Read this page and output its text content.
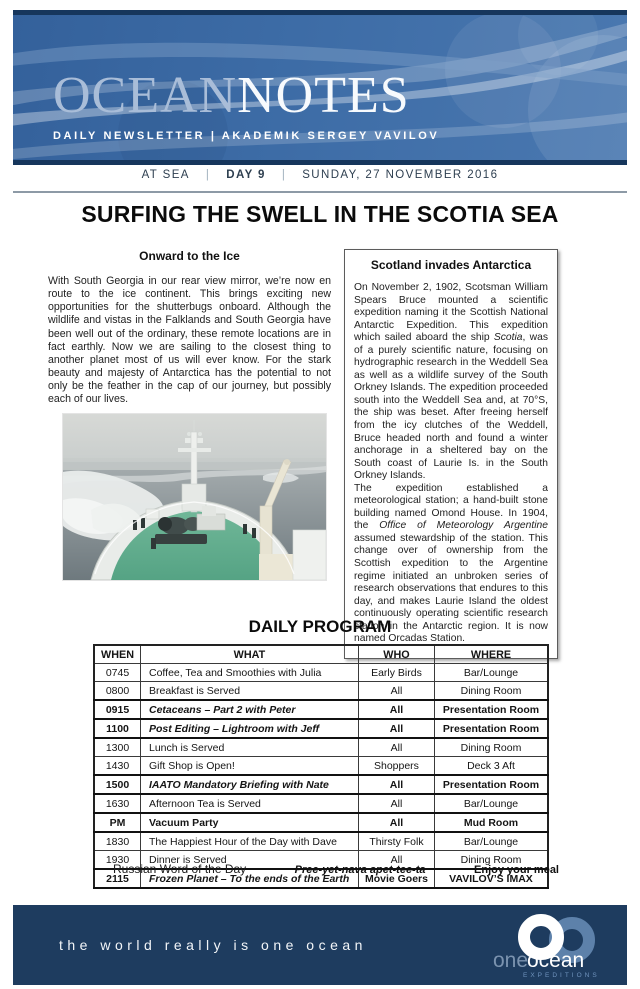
OCEANNOTES
DAILY NEWSLETTER | AKADEMIK SERGEY VAVILOV
AT SEA | DAY 9 | SUNDAY, 27 NOVEMBER 2016
SURFING THE SWELL IN THE SCOTIA SEA
Onward to the Ice

With South Georgia in our rear view mirror, we’re now en route to the ice continent. This brings exciting new opportunities for the shutterbugs onboard. Although the wildlife and vistas in the Falklands and South Georgia have been well out of the ordinary, these remote locations are in fact earthly. Now we are sailing to the closest thing to another planet most of us will ever know. For the stark beauty and majesty of Antarctica has the potential to not only be the feather in the cap of our journey, but possibly each of our lives.

Scotland invades Antarctica

On November 2, 1902, Scotsman William Spears Bruce mounted a scientific expedition naming it the Scottish National Antarctic Expedition. This expedition which sailed aboard the ship Scotia, was of a purely scientific nature, focusing on hydrographic research in the Weddell Sea as well as a wildlife survey of the South Orkney Islands. The expedition proceeded south into the Weddell Sea and, at 70°S, the ship was beset. After freeing herself from the icy clutches of the Weddell, Bruce headed north and found a winter anchorage in a sheltered bay on the South coast of Laurie Is. in the South Orkney Islands.

The expedition established a meteorological station; a hand-built stone building named Omond House. In 1904, the Office of Meteorology Argentine assumed stewardship of the station. This change over of ownership from the Scottish expedition to the Argentine regime initiated an unbroken series of research observations that endures to this day, and makes Laurie Island the oldest continuously operating scientific research station in the Antarctic region. It is now named Orcadas Station.

DAILY PROGRAM
WHEN	WHAT	WHO	WHERE
0745	Coffee, Tea and Smoothies with Julia	Early Birds	Bar/Lounge
0800	Breakfast is Served	All	Dining Room
0915	Cetaceans – Part 2 with Peter	All	Presentation Room
1100	Post Editing – Lightroom with Jeff	All	Presentation Room
1300	Lunch is Served	All	Dining Room
1430	Gift Shop is Open!	Shoppers	Deck 3 Aft
1500	IAATO Mandatory Briefing with Nate	All	Presentation Room
1630	Afternoon Tea is Served	All	Bar/Lounge
PM	Vacuum Party	All	Mud Room
1830	The Happiest Hour of the Day with Dave	Thirsty Folk	Bar/Lounge
1930	Dinner is Served	All	Dining Room
2115	Frozen Planet – To the ends of the Earth	Movie Goers	VAVILOV’S IMAX
Russian Word of the Day	Pree-yet-nava apet-tee-ta	Enjoy your meal
the world really is one ocean
one
ocean
EXPEDITIONS
